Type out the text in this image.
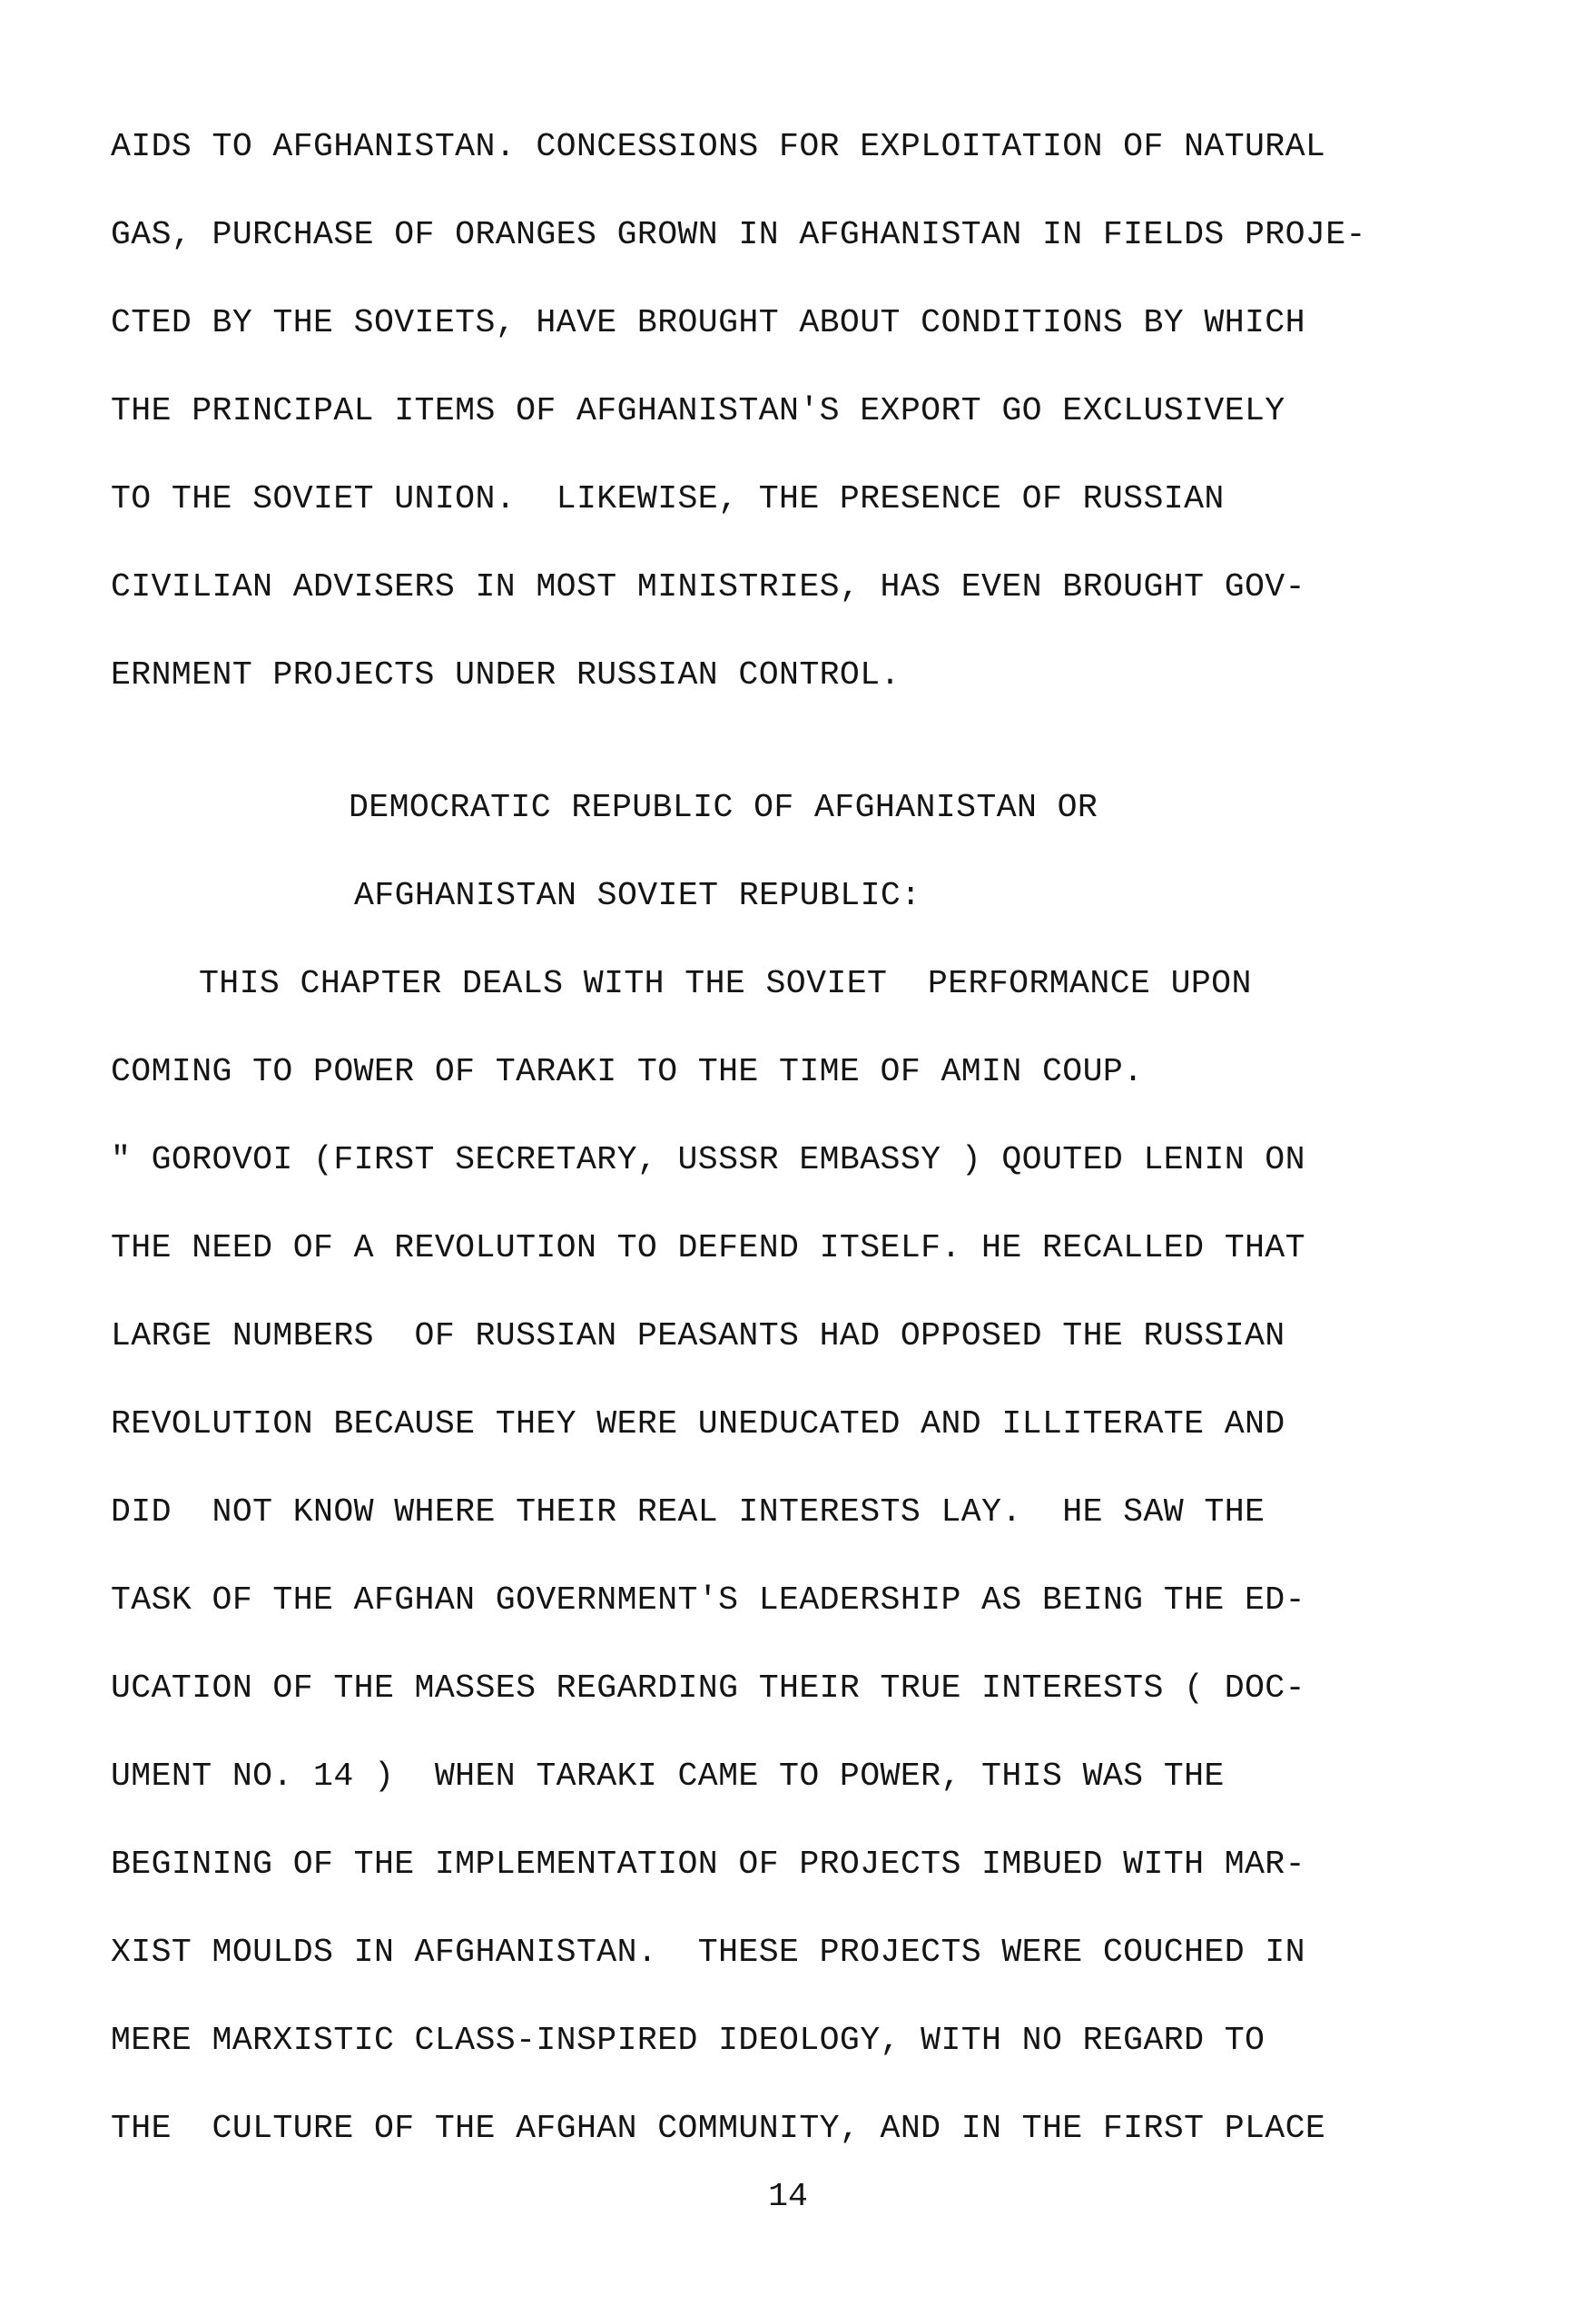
AIDS TO AFGHANISTAN. CONCESSIONS FOR EXPLOITATION OF NATURAL
GAS, PURCHASE OF ORANGES GROWN IN AFGHANISTAN IN FIELDS PROJE-
CTED BY THE SOVIETS, HAVE BROUGHT ABOUT CONDITIONS BY WHICH
THE PRINCIPAL ITEMS OF AFGHANISTAN'S EXPORT GO EXCLUSIVELY
TO THE SOVIET UNION.  LIKEWISE, THE PRESENCE OF RUSSIAN
CIVILIAN ADVISERS IN MOST MINISTRIES, HAS EVEN BROUGHT GOV-
ERNMENT PROJECTS UNDER RUSSIAN CONTROL.
DEMOCRATIC REPUBLIC OF AFGHANISTAN OR
AFGHANISTAN SOVIET REPUBLIC:
THIS CHAPTER DEALS WITH THE SOVIET  PERFORMANCE UPON
COMING TO POWER OF TARAKI TO THE TIME OF AMIN COUP.
" GOROVOI (FIRST SECRETARY, USSSR EMBASSY ) QOUTED LENIN ON
THE NEED OF A REVOLUTION TO DEFEND ITSELF. HE RECALLED THAT
LARGE NUMBERS  OF RUSSIAN PEASANTS HAD OPPOSED THE RUSSIAN
REVOLUTION BECAUSE THEY WERE UNEDUCATED AND ILLITERATE AND
DID  NOT KNOW WHERE THEIR REAL INTERESTS LAY.  HE SAW THE
TASK OF THE AFGHAN GOVERNMENT'S LEADERSHIP AS BEING THE ED-
UCATION OF THE MASSES REGARDING THEIR TRUE INTERESTS ( DOC-
UMENT NO. 14 )  WHEN TARAKI CAME TO POWER, THIS WAS THE
BEGINING OF THE IMPLEMENTATION OF PROJECTS IMBUED WITH MAR-
XIST MOULDS IN AFGHANISTAN.  THESE PROJECTS WERE COUCHED IN
MERE MARXISTIC CLASS-INSPIRED IDEOLOGY, WITH NO REGARD TO
THE  CULTURE OF THE AFGHAN COMMUNITY, AND IN THE FIRST PLACE
14
